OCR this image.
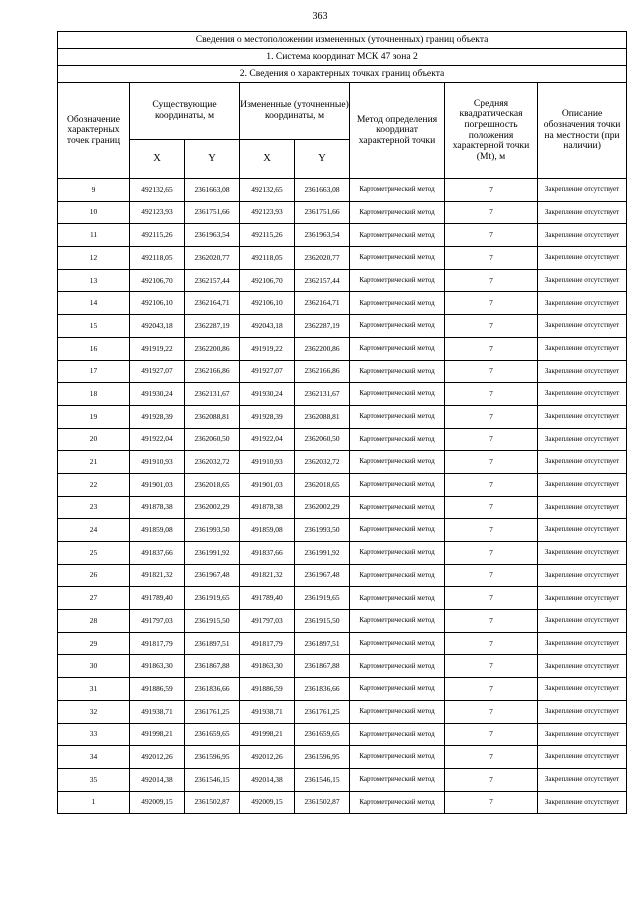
363
Сведения о местоположении измененных (уточненных) границ объекта							
1. Система координат МСК 47 зона 2							
2. Сведения о характерных точках границ объекта							
Обозначение характерных точек границ	Существующие координаты, м		Измененные (уточненные) координаты, м		Метод определения координат характерной точки	Средняя квадратическая погрешность положения характерной точки (Mt), м	Описание обозначения точки на местности (при наличии)
	X	Y	X	Y			
9	492132,65	2361663,08	492132,65	2361663,08	Картометрический метод	7	Закрепление отсутствует
10	492123,93	2361751,66	492123,93	2361751,66	Картометрический метод	7	Закрепление отсутствует
11	492115,26	2361963,54	492115,26	2361963,54	Картометрический метод	7	Закрепление отсутствует
12	492118,05	2362020,77	492118,05	2362020,77	Картометрический метод	7	Закрепление отсутствует
13	492106,70	2362157,44	492106,70	2362157,44	Картометрический метод	7	Закрепление отсутствует
14	492106,10	2362164,71	492106,10	2362164,71	Картометрический метод	7	Закрепление отсутствует
15	492043,18	2362287,19	492043,18	2362287,19	Картометрический метод	7	Закрепление отсутствует
16	491919,22	2362200,86	491919,22	2362200,86	Картометрический метод	7	Закрепление отсутствует
17	491927,07	2362166,86	491927,07	2362166,86	Картометрический метод	7	Закрепление отсутствует
18	491930,24	2362131,67	491930,24	2362131,67	Картометрический метод	7	Закрепление отсутствует
19	491928,39	2362088,81	491928,39	2362088,81	Картометрический метод	7	Закрепление отсутствует
20	491922,04	2362060,50	491922,04	2362060,50	Картометрический метод	7	Закрепление отсутствует
21	491910,93	2362032,72	491910,93	2362032,72	Картометрический метод	7	Закрепление отсутствует
22	491901,03	2362018,65	491901,03	2362018,65	Картометрический метод	7	Закрепление отсутствует
23	491878,38	2362002,29	491878,38	2362002,29	Картометрический метод	7	Закрепление отсутствует
24	491859,08	2361993,50	491859,08	2361993,50	Картометрический метод	7	Закрепление отсутствует
25	491837,66	2361991,92	491837,66	2361991,92	Картометрический метод	7	Закрепление отсутствует
26	491821,32	2361967,48	491821,32	2361967,48	Картометрический метод	7	Закрепление отсутствует
27	491789,40	2361919,65	491789,40	2361919,65	Картометрический метод	7	Закрепление отсутствует
28	491797,03	2361915,50	491797,03	2361915,50	Картометрический метод	7	Закрепление отсутствует
29	491817,79	2361897,51	491817,79	2361897,51	Картометрический метод	7	Закрепление отсутствует
30	491863,30	2361867,88	491863,30	2361867,88	Картометрический метод	7	Закрепление отсутствует
31	491886,59	2361836,66	491886,59	2361836,66	Картометрический метод	7	Закрепление отсутствует
32	491938,71	2361761,25	491938,71	2361761,25	Картометрический метод	7	Закрепление отсутствует
33	491998,21	2361659,65	491998,21	2361659,65	Картометрический метод	7	Закрепление отсутствует
34	492012,26	2361596,95	492012,26	2361596,95	Картометрический метод	7	Закрепление отсутствует
35	492014,38	2361546,15	492014,38	2361546,15	Картометрический метод	7	Закрепление отсутствует
1	492009,15	2361502,87	492009,15	2361502,87	Картометрический метод	7	Закрепление отсутствует
